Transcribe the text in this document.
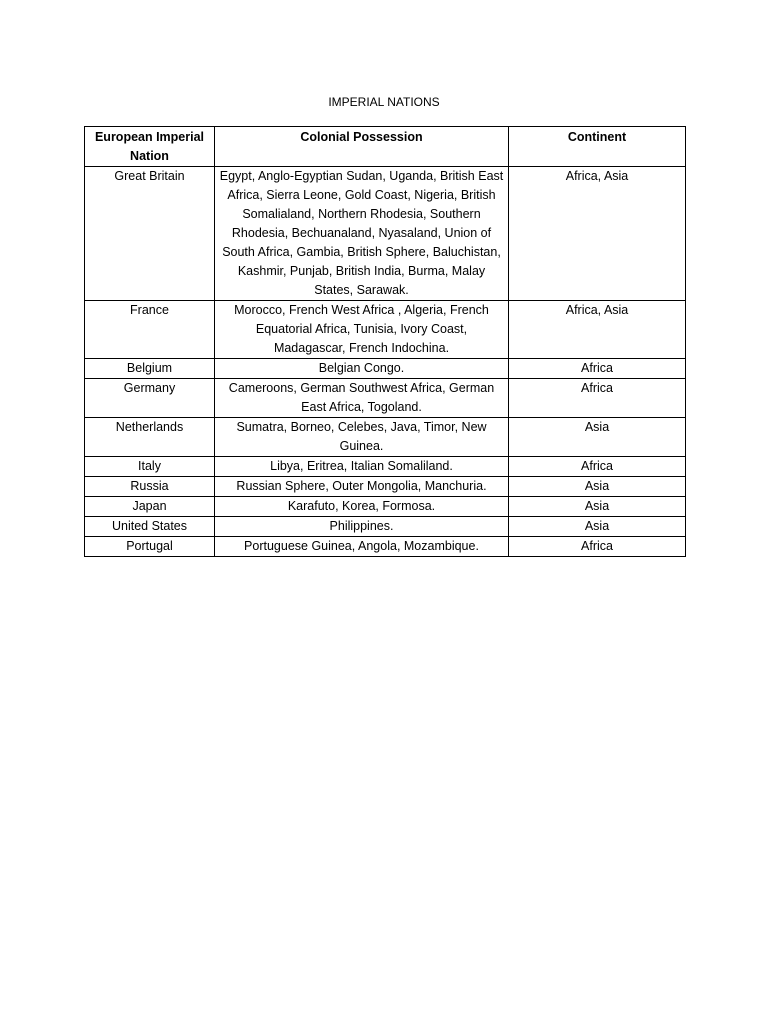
IMPERIAL NATIONS
European Imperial Nation	Colonial Possession	Continent
Great Britain	Egypt, Anglo-Egyptian Sudan, Uganda, British East Africa, Sierra Leone, Gold Coast, Nigeria, British Somalialand, Northern Rhodesia, Southern Rhodesia, Bechuanaland, Nyasaland, Union of South Africa, Gambia, British Sphere, Baluchistan, Kashmir, Punjab, British India, Burma, Malay States, Sarawak.	Africa, Asia
France	Morocco, French West Africa , Algeria, French Equatorial Africa, Tunisia, Ivory Coast, Madagascar, French Indochina.	Africa, Asia
Belgium	Belgian Congo.	Africa
Germany	Cameroons, German Southwest Africa, German East Africa, Togoland.	Africa
Netherlands	Sumatra, Borneo, Celebes, Java, Timor, New Guinea.	Asia
Italy	Libya, Eritrea, Italian Somaliland.	Africa
Russia	Russian Sphere, Outer Mongolia, Manchuria.	Asia
Japan	Karafuto, Korea, Formosa.	Asia
United States	Philippines.	Asia
Portugal	Portuguese Guinea, Angola, Mozambique.	Africa
